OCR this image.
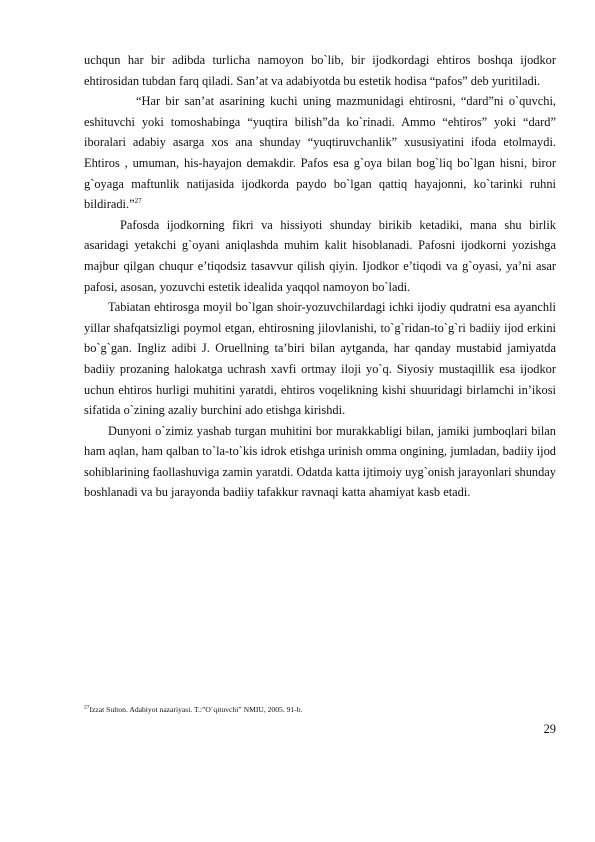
uchqun har bir adibda turlicha namoyon bo`lib, bir ijodkordagi ehtiros boshqa ijodkor ehtirosidan tubdan farq qiladi. San’at va adabiyotda bu estetik hodisa “pafos” deb yuritiladi.

“Har bir san’at asarining kuchi uning mazmunidagi ehtirosni, “dard”ni o`quvchi, eshituvchi yoki tomoshabinga “yuqtira bilish”da ko`rinadi. Ammo “ehtiros” yoki “dard” iboralari adabiy asarga xos ana shunday “yuqtiruvchanlik” xususiyatini ifoda etolmaydi. Ehtiros , umuman, his-hayajon demakdir. Pafos esa g`oya bilan bog`liq bo`lgan hisni, biror g`oyaga maftunlik natijasida ijodkorda paydo bo`lgan qattiq hayajonni, ko`tarinki ruhni bildiradi.”$^{27}$

Pafosda ijodkorning fikri va hissiyoti shunday birikib ketadiki, mana shu birlik asaridagi yetakchi g`oyani aniqlashda muhim kalit hisoblanadi. Pafosni ijodkorni yozishga majbur qilgan chuqur e’tiqodsiz tasavvur qilish qiyin. Ijodkor e’tiqodi va g`oyasi, ya’ni asar pafosi, asosan, yozuvchi estetik idealida yaqqol namoyon bo`ladi.

Tabiatan ehtirosga moyil bo`lgan shoir-yozuvchilardagi ichki ijodiy qudratni esa ayanchli yillar shafqatsizligi poymol etgan, ehtirosning jilovlanishi, to`g`ridan-to`g`ri badiiy ijod erkini bo`g`gan. Ingliz adibi J. Oruellning ta’biri bilan aytganda, har qanday mustabid jamiyatda badiiy prozaning halokatga uchrash xavfi ortmay iloji yo`q. Siyosiy mustaqillik esa ijodkor uchun ehtiros hurligi muhitini yaratdi, ehtiros voqelikning kishi shuuridagi birlamchi in’ikosi sifatida o`zining azaliy burchini ado etishga kirishdi.

Dunyoni o`zimiz yashab turgan muhitini bor murakkabligi bilan, jamiki jumboqlari bilan ham aqlan, ham qalban to`la-to`kis idrok etishga urinish omma ongining, jumladan, badiiy ijod sohiblarining faollashuviga zamin yaratdi. Odatda katta ijtimoiy uyg`onish jarayonlari shunday boshlanadi va bu jarayonda badiiy tafakkur ravnaqi katta ahamiyat kasb etadi.

$^{27}$Izzat Sulton. Adabiyot nazariyasi. T.:”O`qituvchi” NMIU, 2005. 91-b.

29
